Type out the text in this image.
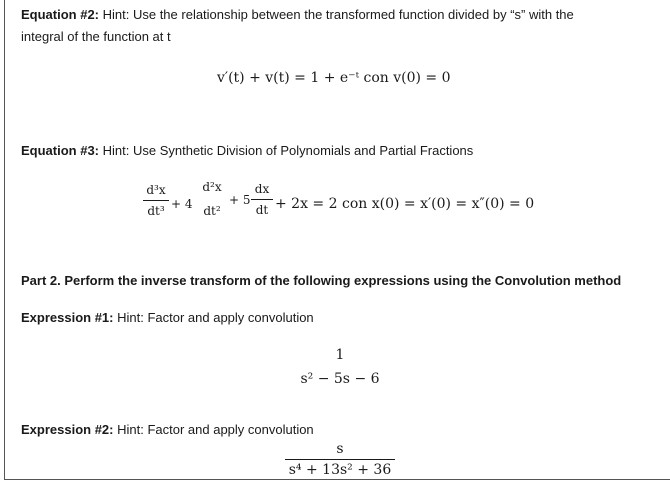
Equation #2: Hint: Use the relationship between the transformed function divided by “s” with the
integral of the function at t
v′(t) + v(t) = 1 + e⁻ᵗ con v(0) = 0
Equation #3: Hint: Use Synthetic Division of Polynomials and Partial Fractions
d³x
dt³ + 4
d²x
dt²
+ 5
dx
dt + 2x = 2 con x(0) = x′(0) = x″(0) = 0
Part 2. Perform the inverse transform of the following expressions using the Convolution method
Expression #1: Hint: Factor and apply convolution
1
s² − 5s − 6
Expression #2: Hint: Factor and apply convolution
s
s⁴ + 13s² + 36
